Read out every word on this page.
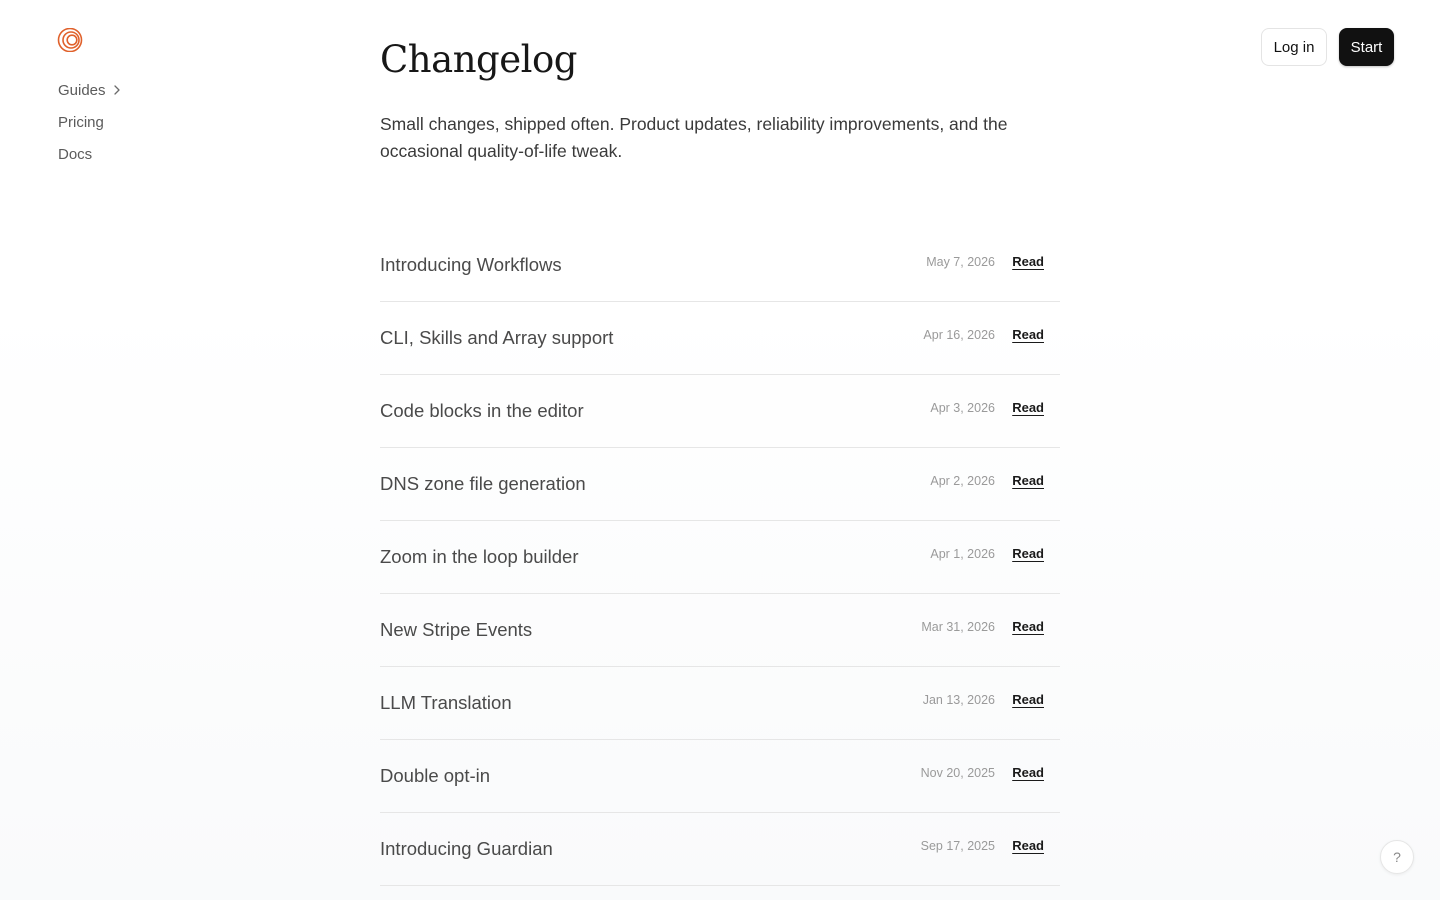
Guides
Pricing
Docs
Log in	Start
Changelog

Small changes, shipped often. Product updates, reliability improvements, and the occasional quality-of-life tweak.

Introducing Workflows	May 7, 2026 Read
CLI, Skills and Array support	Apr 16, 2026 Read
Code blocks in the editor	Apr 3, 2026 Read
DNS zone file generation	Apr 2, 2026 Read
Zoom in the loop builder	Apr 1, 2026 Read
New Stripe Events	Mar 31, 2026 Read
LLM Translation	Jan 13, 2026 Read
Double opt-in	Nov 20, 2025 Read
Introducing Guardian	Sep 17, 2025 Read
?
